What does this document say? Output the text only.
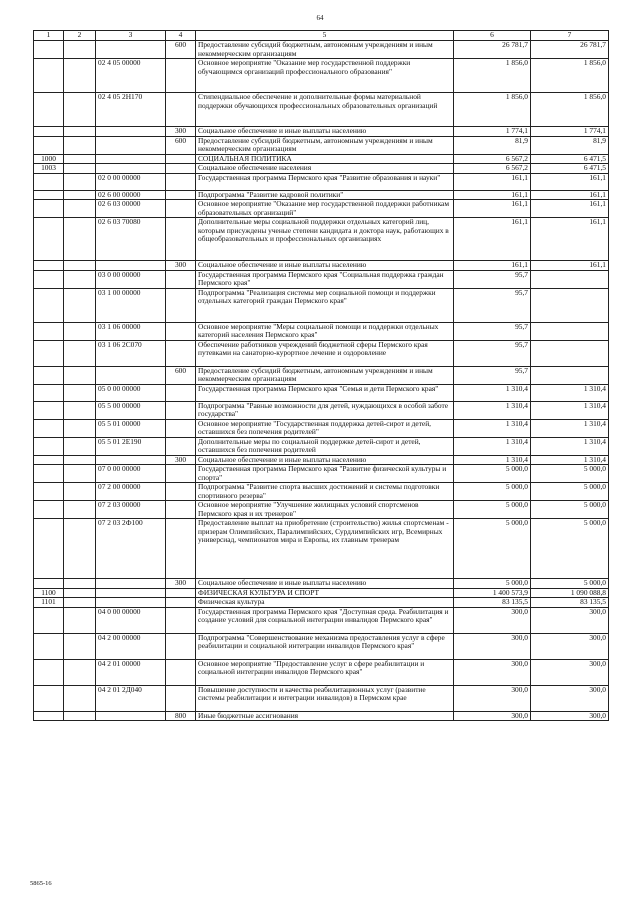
64
1	2	3	4	5	6	7
			600	Предоставление субсидий бюджетным, автономным учреждениям и иным некоммерческим организациям	26 781,7	26 781,7
		02 4 05 00000		Основное мероприятие "Оказание мер государственной поддержки обучающимся организаций профессионального образования"	1 856,0	1 856,0
		02 4 05 2Н170		Стипендиальное обеспечение и дополнительные формы материальной поддержки обучающихся профессиональных образовательных организаций	1 856,0	1 856,0
			300	Социальное обеспечение и иные выплаты населению	1 774,1	1 774,1
			600	Предоставление субсидий бюджетным, автономным учреждениям и иным некоммерческим организациям	81,9	81,9
1000				СОЦИАЛЬНАЯ ПОЛИТИКА	6 567,2	6 471,5
1003				Социальное обеспечение населения	6 567,2	6 471,5
		02 0 00 00000		Государственная программа Пермского края "Развитие образования и науки"	161,1	161,1
		02 6 00 00000		Подпрограмма "Развитие кадровой политики"	161,1	161,1
		02 6 03 00000		Основное мероприятие "Оказание мер государственной поддержки работникам образовательных организаций"	161,1	161,1
		02 6 03 70080		Дополнительные меры социальной поддержки отдельных категорий лиц, которым присуждены ученые степени кандидата и доктора наук, работающих в общеобразовательных и профессиональных организациях	161,1	161,1
			300	Социальное обеспечение и иные выплаты населению	161,1	161,1
		03 0 00 00000		Государственная программа Пермского края "Социальная поддержка граждан Пермского края"	95,7	
		03 1 00 00000		Подпрограмма "Реализация системы мер социальной помощи и поддержки отдельных категорий граждан Пермского края"	95,7	
		03 1 06 00000		Основное мероприятие "Меры социальной помощи и поддержки отдельных категорий населения Пермского края"	95,7	
		03 1 06 2С070		Обеспечение работников учреждений бюджетной сферы Пермского края путевками на санаторно-курортное лечение и оздоровление	95,7	
			600	Предоставление субсидий бюджетным, автономным учреждениям и иным некоммерческим организациям	95,7	
		05 0 00 00000		Государственная программа Пермского края "Семья и дети Пермского края"	1 310,4	1 310,4
		05 5 00 00000		Подпрограмма "Равные возможности для детей, нуждающихся в особой заботе государства"	1 310,4	1 310,4
		05 5 01 00000		Основное мероприятие "Государственная поддержка детей-сирот и детей, оставшихся без попечения родителей"	1 310,4	1 310,4
		05 5 01 2Е190		Дополнительные меры по социальной поддержке детей-сирот и детей, оставшихся без попечения родителей	1 310,4	1 310,4
			300	Социальное обеспечение и иные выплаты населению	1 310,4	1 310,4
		07 0 00 00000		Государственная программа Пермского края "Развитие физической культуры и спорта"	5 000,0	5 000,0
		07 2 00 00000		Подпрограмма "Развитие спорта высших достижений и системы подготовки спортивного резерва"	5 000,0	5 000,0
		07 2 03 00000		Основное мероприятие "Улучшение жилищных условий спортсменов Пермского края и их тренеров"	5 000,0	5 000,0
		07 2 03 2Ф100		Предоставление выплат на приобретение (строительство) жилья спортсменам - призерам Олимпийских, Паралимпийских, Сурдлимпийских игр, Всемирных универсиад, чемпионатов мира и Европы, их главным тренерам	5 000,0	5 000,0
			300	Социальное обеспечение и иные выплаты населению	5 000,0	5 000,0
1100				ФИЗИЧЕСКАЯ КУЛЬТУРА И СПОРТ	1 400 573,9	1 090 088,8
1101				Физическая культура	83 135,5	83 135,5
		04 0 00 00000		Государственная программа Пермского края "Доступная среда. Реабилитация и создание условий для социальной интеграции инвалидов Пермского края"	300,0	300,0
		04 2 00 00000		Подпрограмма "Совершенствование механизма предоставления услуг в сфере реабилитации и социальной интеграции инвалидов Пермского края"	300,0	300,0
		04 2 01 00000		Основное мероприятие "Предоставление услуг в сфере реабилитации и социальной интеграции инвалидов Пермского края"	300,0	300,0
		04 2 01 2Д040		Повышение доступности и качества реабилитационных услуг (развитие системы реабилитации и интеграции инвалидов) в Пермском крае	300,0	300,0
			800	Иные бюджетные ассигнования	300,0	300,0
5865-16
